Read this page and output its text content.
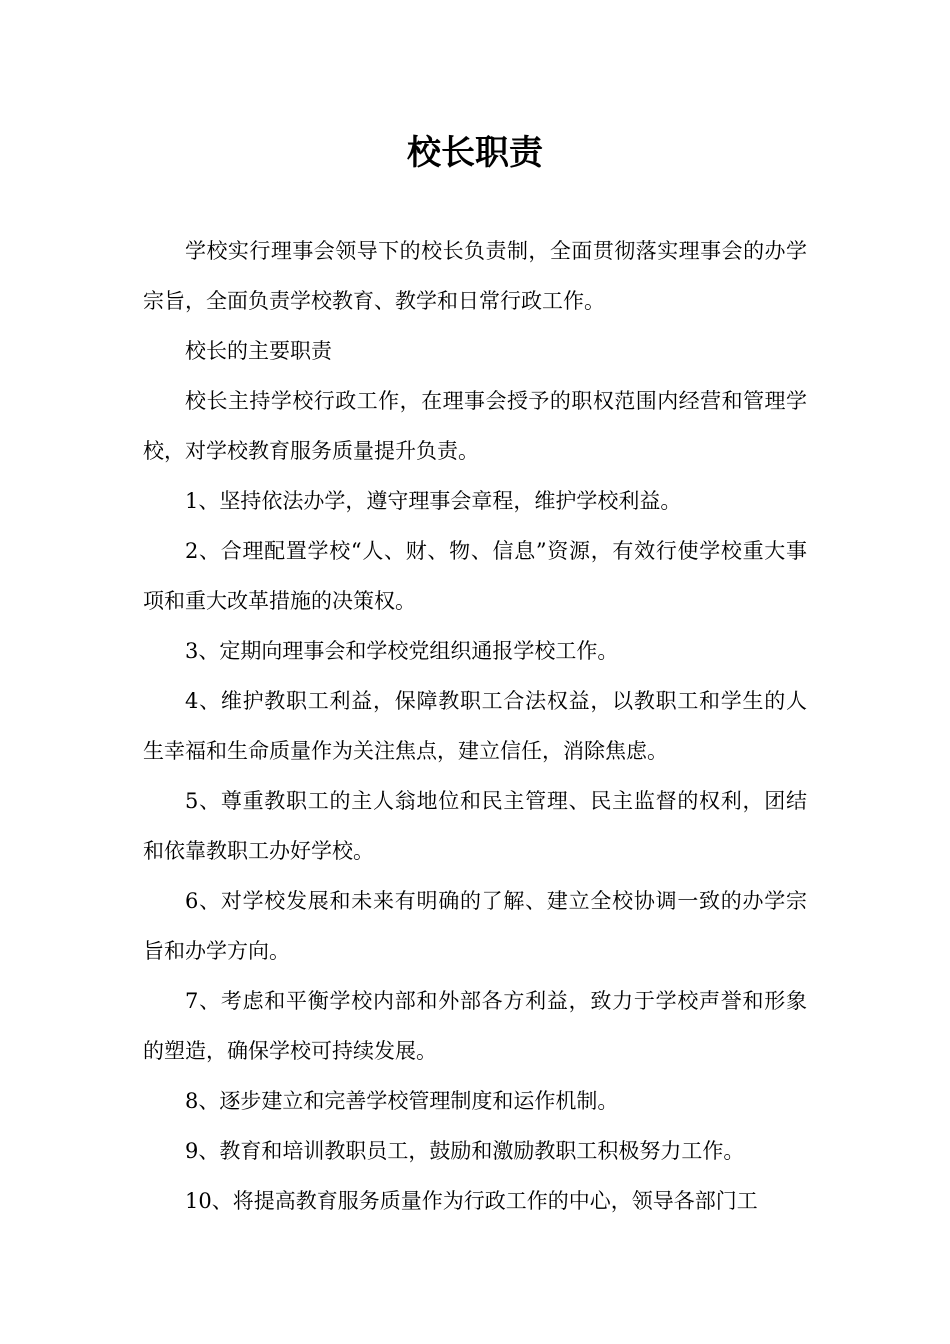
校长职责

学校实行理事会领导下的校长负责制，全面贯彻落实理事会的办学宗旨，全面负责学校教育、教学和日常行政工作。

校长的主要职责

校长主持学校行政工作，在理事会授予的职权范围内经营和管理学校，对学校教育服务质量提升负责。

1、坚持依法办学，遵守理事会章程，维护学校利益。

2、合理配置学校“人、财、物、信息”资源，有效行使学校重大事项和重大改革措施的决策权。

3、定期向理事会和学校党组织通报学校工作。

4、维护教职工利益，保障教职工合法权益，以教职工和学生的人生幸福和生命质量作为关注焦点，建立信任，消除焦虑。

5、尊重教职工的主人翁地位和民主管理、民主监督的权利，团结和依靠教职工办好学校。

6、对学校发展和未来有明确的了解、建立全校协调一致的办学宗旨和办学方向。

7、考虑和平衡学校内部和外部各方利益，致力于学校声誉和形象的塑造，确保学校可持续发展。

8、逐步建立和完善学校管理制度和运作机制。

9、教育和培训教职员工，鼓励和激励教职工积极努力工作。

10、将提高教育服务质量作为行政工作的中心，领导各部门工
